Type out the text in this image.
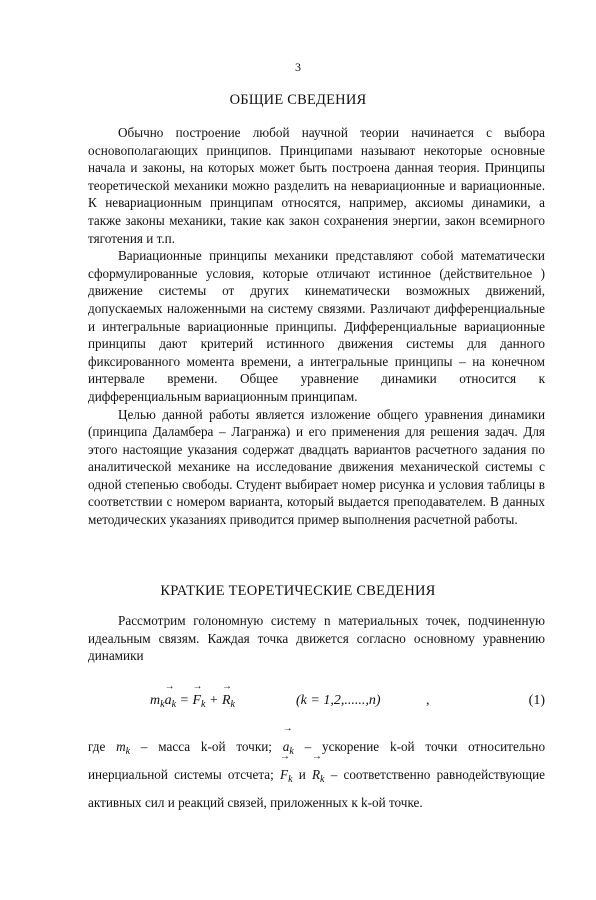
3
ОБЩИЕ СВЕДЕНИЯ

Обычно построение любой научной теории начинается с выбора основополагающих принципов. Принципами называют некоторые основные начала и законы, на которых может быть построена данная теория. Принципы теоретической механики можно разделить на невариационные и вариационные. К невариационным принципам относятся, например, аксиомы динамики, а также законы механики, такие как закон сохранения энергии, закон всемирного тяготения и т.п.

Вариационные принципы механики представляют собой математически сформулированные условия, которые отличают истинное (действительное ) движение системы от других кинематически возможных движений, допускаемых наложенными на систему связями. Различают дифференциальные и интегральные вариационные принципы. Дифференциальные вариационные принципы дают критерий истинного движения системы для данного фиксированного момента времени, а интегральные принципы – на конечном интервале времени. Общее уравнение динамики относится к дифференциальным вариационным принципам.

Целью данной работы является изложение общего уравнения динамики (принципа Даламбера – Лагранжа) и его применения для решения задач. Для этого настоящие указания содержат двадцать вариантов расчетного задания по аналитической механике на исследование движения механической системы с одной степенью свободы. Студент выбирает номер рисунка и условия таблицы в соответствии с номером варианта, который выдается преподавателем. В данных методических указаниях приводится пример выполнения расчетной работы.

КРАТКИЕ ТЕОРЕТИЧЕСКИЕ СВЕДЕНИЯ

Рассмотрим голономную систему n материальных точек, подчиненную идеальным связям. Каждая точка движется согласно основному уравнению динамики

$m_k\to a_k$ = → $F_k$ + → $R_k$	(k = 1,2,......,n)	,	(1)

где $m_k$ – масса k-ой точки; → $a_k$ – ускорение k-ой точки относительно инерциальной системы отсчета; → $F_k$ $и \to R_k$ – соответственно равнодействующие активных сил и реакций связей, приложенных к k-ой точке.
